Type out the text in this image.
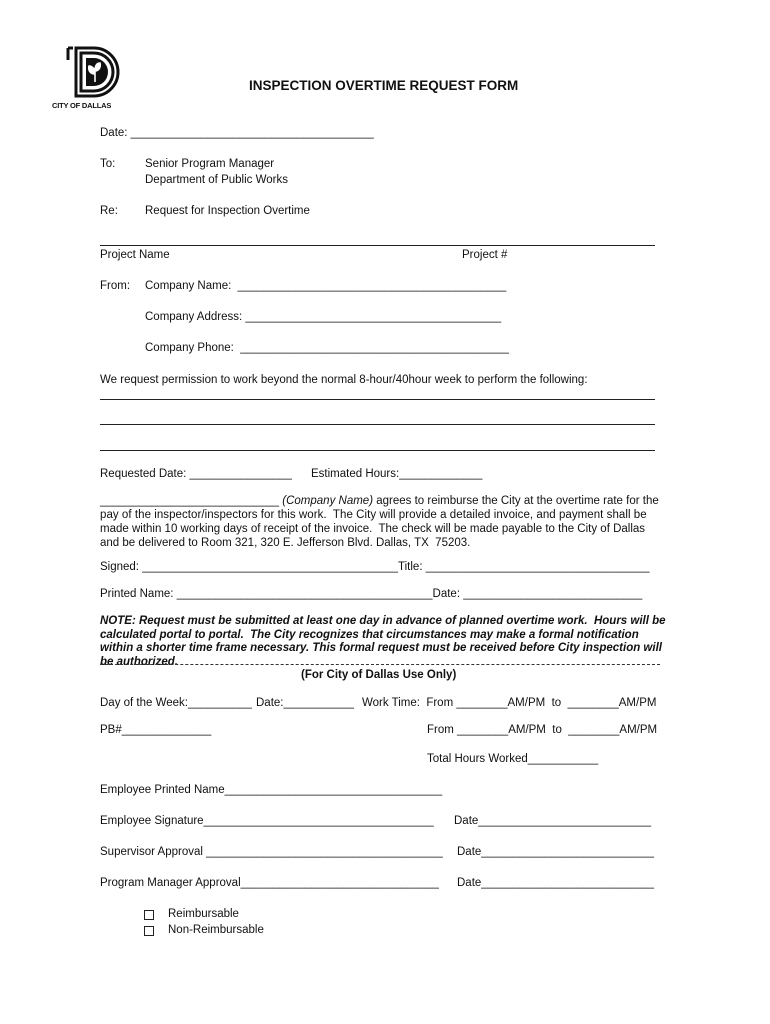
CITY OF DALLAS
INSPECTION OVERTIME REQUEST FORM
Date: ______________________________________
To:	Senior Program Manager
Department of Public Works
Re: Request for Inspection Overtime
Project Name	Project #
From: Company Name:  __________________________________________
Company Address: ________________________________________
Company Phone:  __________________________________________
We request permission to work beyond the normal 8-hour/40hour week to perform the following:
Requested Date: ________________ Estimated Hours:_____________
____________________________ (Company Name) agrees to reimburse the City at the overtime rate for the
pay of the inspector/inspectors for this work.  The City will provide a detailed invoice, and payment shall be
made within 10 working days of receipt of the invoice.  The check will be made payable to the City of Dallas
and be delivered to Room 321, 320 E. Jefferson Blvd. Dallas, TX  75203.
Signed: ________________________________________Title: ___________________________________
Printed Name: ________________________________________Date: ____________________________
NOTE: Request must be submitted at least one day in advance of planned overtime work.  Hours will be
calculated portal to portal.  The City recognizes that circumstances may make a formal notification
within a shorter time frame necessary. This formal request must be received before City inspection will
be authorized.
(For City of Dallas Use Only)
Day of the Week:__________ Date:___________ Work Time:  From ________AM/PM  to  ________AM/PM
PB#______________	From ________AM/PM  to  ________AM/PM
Total Hours Worked___________
Employee Printed Name__________________________________
Employee Signature____________________________________ Date___________________________
Supervisor Approval _____________________________________ Date___________________________
Program Manager Approval_______________________________ Date___________________________
Reimbursable
Non-Reimbursable
